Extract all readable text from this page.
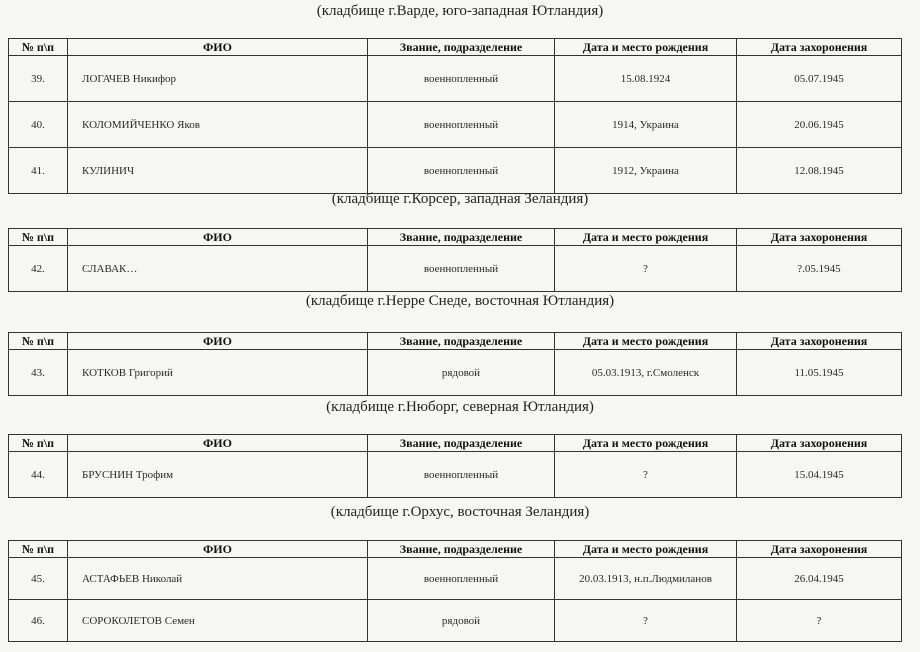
(кладбище г.Варде, юго-западная Ютландия)
№ п\п	ФИО	Звание, подразделение	Дата и место рождения	Дата захоронения
39.	ЛОГАЧЕВ Никифор	военнопленный	15.08.1924	05.07.1945
40.	КОЛОМИЙЧЕНКО Яков	военнопленный	1914, Украина	20.06.1945
41.	КУЛИНИЧ	военнопленный	1912, Украина	12.08.1945
(кладбище г.Корсер, западная Зеландия)
№ п\п	ФИО	Звание, подразделение	Дата и место рождения	Дата захоронения
42.	СЛАВАК…	военнопленный	?	?.05.1945
(кладбище г.Нерре Снеде, восточная Ютландия)
№ п\п	ФИО	Звание, подразделение	Дата и место рождения	Дата захоронения
43.	КОТКОВ Григорий	рядовой	05.03.1913, г.Смоленск	11.05.1945
(кладбище г.Нюборг, северная Ютландия)
№ п\п	ФИО	Звание, подразделение	Дата и место рождения	Дата захоронения
44.	БРУСНИН Трофим	военнопленный	?	15.04.1945
(кладбище г.Орхус, восточная Зеландия)
№ п\п	ФИО	Звание, подразделение	Дата и место рождения	Дата захоронения
45.	АСТАФЬЕВ Николай	военнопленный	20.03.1913, н.п.Людмиланов	26.04.1945
46.	СОРОКОЛЕТОВ Семен	рядовой	?	?
